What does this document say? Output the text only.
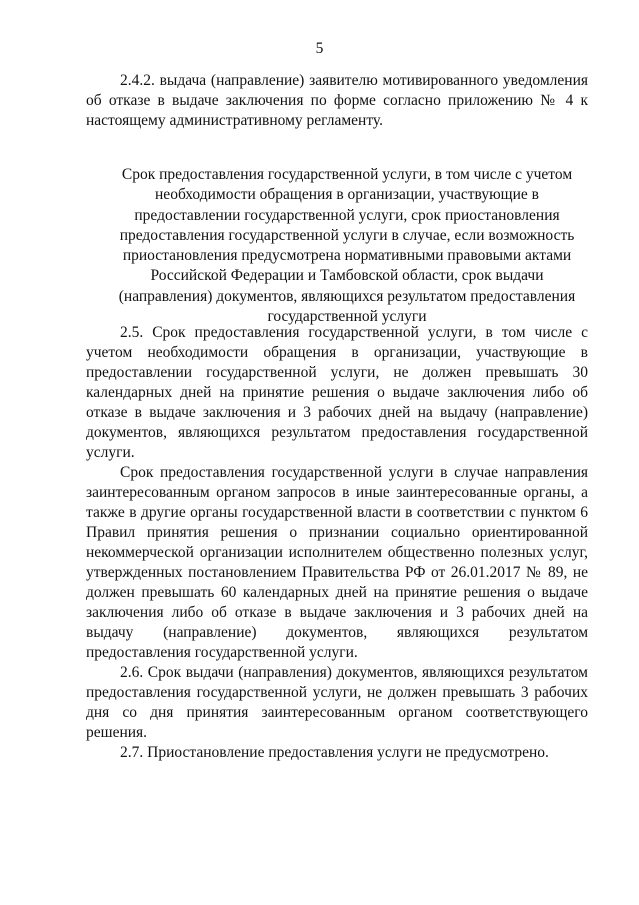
5

2.4.2. выдача (направление) заявителю мотивированного уведомления об отказе в выдаче заключения по форме согласно приложению № 4 к настоящему административному регламенту.

Срок предоставления государственной услуги, в том числе с учетом необходимости обращения в организации, участвующие в предоставлении государственной услуги, срок приостановления предоставления государственной услуги в случае, если возможность приостановления предусмотрена нормативными правовыми актами Российской Федерации и Тамбовской области, срок выдачи (направления) документов, являющихся результатом предоставления государственной услуги

2.5. Срок предоставления государственной услуги, в том числе с учетом необходимости обращения в организации, участвующие в предоставлении государственной услуги, не должен превышать 30 календарных дней на принятие решения о выдаче заключения либо об отказе в выдаче заключения и 3 рабочих дней на выдачу (направление) документов, являющихся результатом предоставления государственной услуги.

Срок предоставления государственной услуги в случае направления заинтересованным органом запросов в иные заинтересованные органы, а также в другие органы государственной власти в соответствии с пунктом 6 Правил принятия решения о признании социально ориентированной некоммерческой организации исполнителем общественно полезных услуг, утвержденных постановлением Правительства РФ от 26.01.2017 № 89, не должен превышать 60 календарных дней на принятие решения о выдаче заключения либо об отказе в выдаче заключения и 3 рабочих дней на выдачу (направление) документов, являющихся результатом предоставления государственной услуги.

2.6. Срок выдачи (направления) документов, являющихся результатом предоставления государственной услуги, не должен превышать 3 рабочих дня со дня принятия заинтересованным органом соответствующего решения.

2.7. Приостановление предоставления услуги не предусмотрено.
